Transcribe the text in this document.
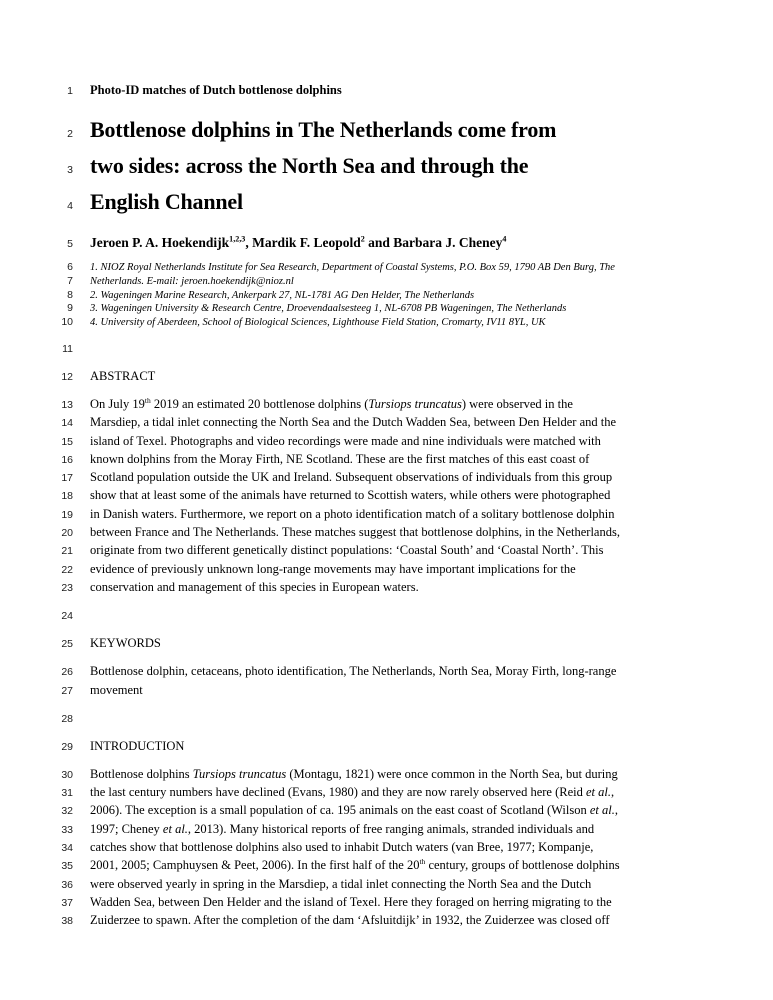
1 Photo-ID matches of Dutch bottlenose dolphins
2 Bottlenose dolphins in The Netherlands come from
3 two sides: across the North Sea and through the
4 English Channel
5 Jeroen P. A. Hoekendijk$^{1,2,3}$, Mardik F. Leopold$^2$ and Barbara J. Cheney$^4$
6 1. NIOZ Royal Netherlands Institute for Sea Research, Department of Coastal Systems, P.O. Box 59, 1790 AB Den Burg, The
7 Netherlands. E-mail: jeroen.hoekendijk@nioz.nl
8 2. Wageningen Marine Research, Ankerpark 27, NL-1781 AG Den Helder, The Netherlands
9 3. Wageningen University & Research Centre, Droevendaalsesteeg 1, NL-6708 PB Wageningen, The Netherlands
10 4. University of Aberdeen, School of Biological Sciences, Lighthouse Field Station, Cromarty, IV11 8YL, UK
11
12 ABSTRACT
13 On July 19th 2019 an estimated 20 bottlenose dolphins (Tursiops truncatus) were observed in the
14 Marsdiep, a tidal inlet connecting the North Sea and the Dutch Wadden Sea, between Den Helder and the
15 island of Texel. Photographs and video recordings were made and nine individuals were matched with
16 known dolphins from the Moray Firth, NE Scotland. These are the first matches of this east coast of
17 Scotland population outside the UK and Ireland. Subsequent observations of individuals from this group
18 show that at least some of the animals have returned to Scottish waters, while others were photographed
19 in Danish waters. Furthermore, we report on a photo identification match of a solitary bottlenose dolphin
20 between France and The Netherlands. These matches suggest that bottlenose dolphins, in the Netherlands,
21 originate from two different genetically distinct populations: ‘Coastal South’ and ‘Coastal North’. This
22 evidence of previously unknown long-range movements may have important implications for the
23 conservation and management of this species in European waters.
24
25 KEYWORDS
26 Bottlenose dolphin, cetaceans, photo identification, The Netherlands, North Sea, Moray Firth, long-range
27 movement
28
29 INTRODUCTION
30 Bottlenose dolphins Tursiops truncatus (Montagu, 1821) were once common in the North Sea, but during
31 the last century numbers have declined (Evans, 1980) and they are now rarely observed here (Reid et al.,
32 2006). The exception is a small population of ca. 195 animals on the east coast of Scotland (Wilson et al.,
33 1997; Cheney et al., 2013). Many historical reports of free ranging animals, stranded individuals and
34 catches show that bottlenose dolphins also used to inhabit Dutch waters (van Bree, 1977; Kompanje,
35 2001, 2005; Camphuysen & Peet, 2006). In the first half of the 20th century, groups of bottlenose dolphins
36 were observed yearly in spring in the Marsdiep, a tidal inlet connecting the North Sea and the Dutch
37 Wadden Sea, between Den Helder and the island of Texel. Here they foraged on herring migrating to the
38 Zuiderzee to spawn. After the completion of the dam ‘Afsluitdijk’ in 1932, the Zuiderzee was closed off
